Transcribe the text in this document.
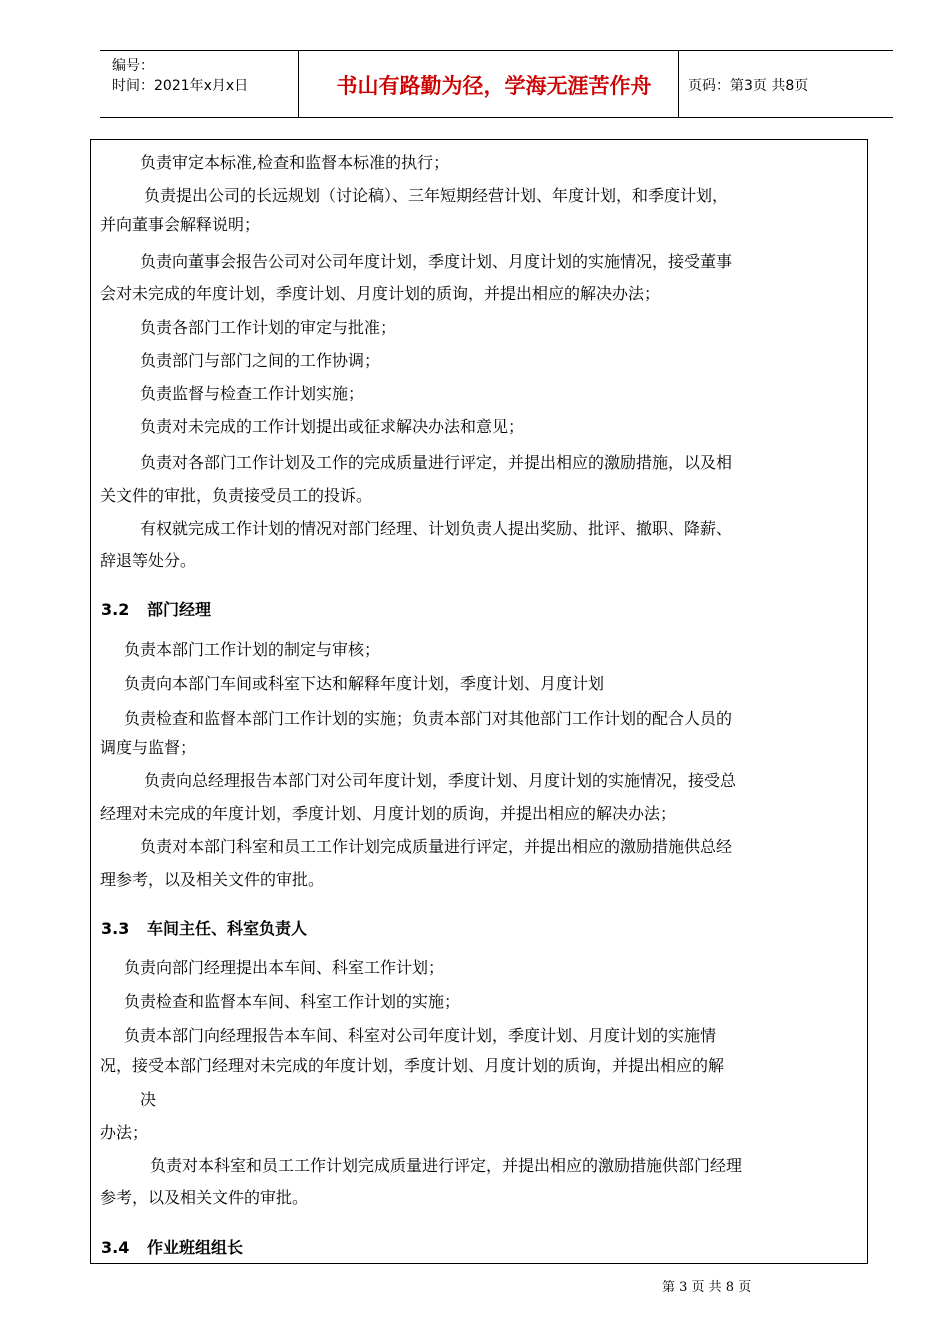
编号：
时间：2021年x月x日	书山有路勤为径，学海无涯苦作舟	页码：第3页 共8页
负责审定本标准,检查和监督本标准的执行；
负责提出公司的长远规划（讨论稿）、三年短期经营计划、年度计划，和季度计划，
并向董事会解释说明；
负责向董事会报告公司对公司年度计划，季度计划、月度计划的实施情况，接受董事
会对未完成的年度计划，季度计划、月度计划的质询，并提出相应的解决办法；
负责各部门工作计划的审定与批准；
负责部门与部门之间的工作协调；
负责监督与检查工作计划实施；
负责对未完成的工作计划提出或征求解决办法和意见；
负责对各部门工作计划及工作的完成质量进行评定，并提出相应的激励措施，以及相
关文件的审批，负责接受员工的投诉。
有权就完成工作计划的情况对部门经理、计划负责人提出奖励、批评、撤职、降薪、
辞退等处分。
3.2 部门经理
负责本部门工作计划的制定与审核；
负责向本部门车间或科室下达和解释年度计划，季度计划、月度计划
负责检查和监督本部门工作计划的实施；负责本部门对其他部门工作计划的配合人员的
调度与监督；
负责向总经理报告本部门对公司年度计划，季度计划、月度计划的实施情况，接受总
经理对未完成的年度计划，季度计划、月度计划的质询，并提出相应的解决办法；
负责对本部门科室和员工工作计划完成质量进行评定，并提出相应的激励措施供总经
理参考，以及相关文件的审批。
3.3 车间主任、科室负责人
负责向部门经理提出本车间、科室工作计划；
负责检查和监督本车间、科室工作计划的实施；
负责本部门向经理报告本车间、科室对公司年度计划，季度计划、月度计划的实施情
况，接受本部门经理对未完成的年度计划，季度计划、月度计划的质询，并提出相应的解
决
办法；
负责对本科室和员工工作计划完成质量进行评定，并提出相应的激励措施供部门经理
参考，以及相关文件的审批。
3.4 作业班组组长
第 3 页 共 8 页
